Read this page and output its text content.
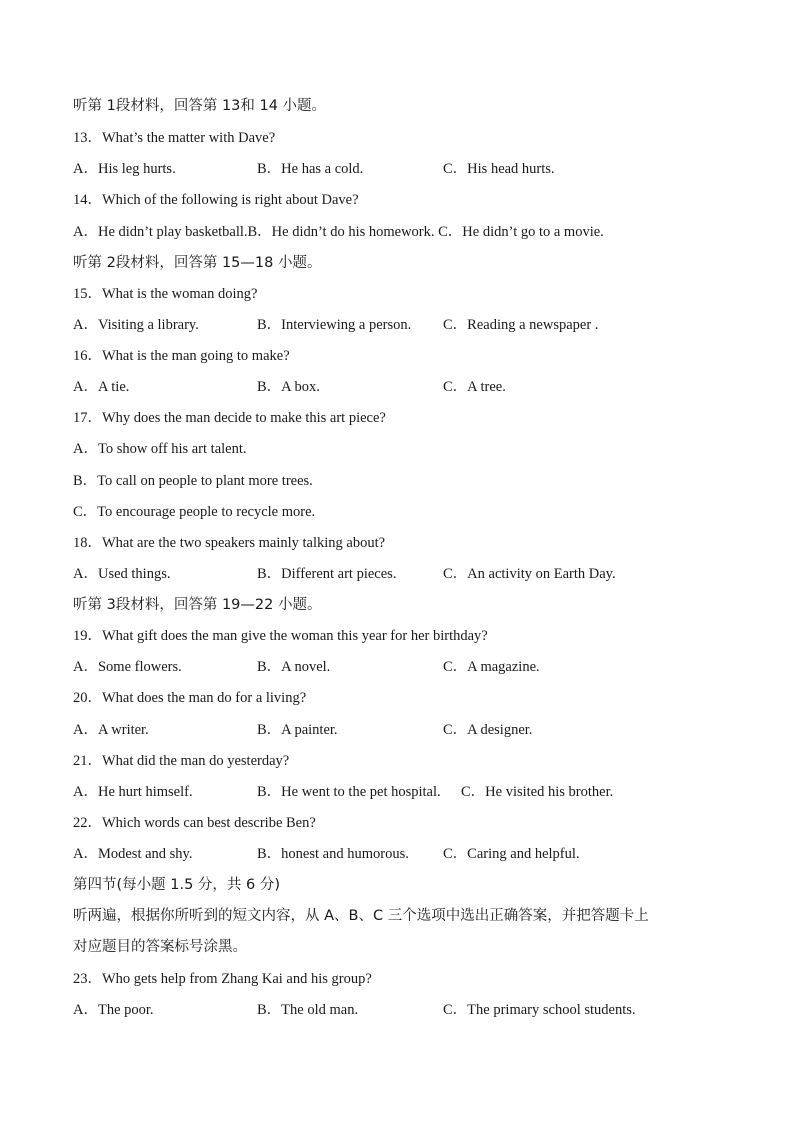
听第 1段材料，回答第 13和 14 小题。
13．What’s the matter with Dave?
A．His leg hurts.	B．He has a cold.	C．His head hurts.
14．Which of the following is right about Dave?
A．He didn’t play basketball.B．He didn’t do his homework. C．He didn’t go to a movie.
听第 2段材料，回答第 15—18 小题。
15．What is the woman doing?
A．Visiting a library.	B．Interviewing a person. C．Reading a newspaper .
16．What is the man going to make?
A．A tie.	B．A box.	C．A tree.
17．Why does the man decide to make this art piece?
A．To show off his art talent.
B．To call on people to plant more trees.
C．To encourage people to recycle more.
18．What are the two speakers mainly talking about?
A．Used things.	B．Different art pieces.	C．An activity on Earth Day.
听第 3段材料，回答第 19—22 小题。
19．What gift does the man give the woman this year for her birthday?
A．Some flowers.	B．A novel.	C．A magazine.
20．What does the man do for a living?
A．A writer.	B．A painter.	C．A designer.
21．What did the man do yesterday?
A．He hurt himself.	B．He went to the pet hospital. C．He visited his brother.
22．Which words can best describe Ben?
A．Modest and shy.	B．honest and humorous. C．Caring and helpful.
第四节(每小题 1.5 分，共 6 分)
听两遍，根据你所听到的短文内容，从 A、B、C 三个选项中选出正确答案，并把答题卡上
对应题目的答案标号涂黑。
23．Who gets help from Zhang Kai and his group?
A．The poor.	B．The old man.	C．The primary school students.
